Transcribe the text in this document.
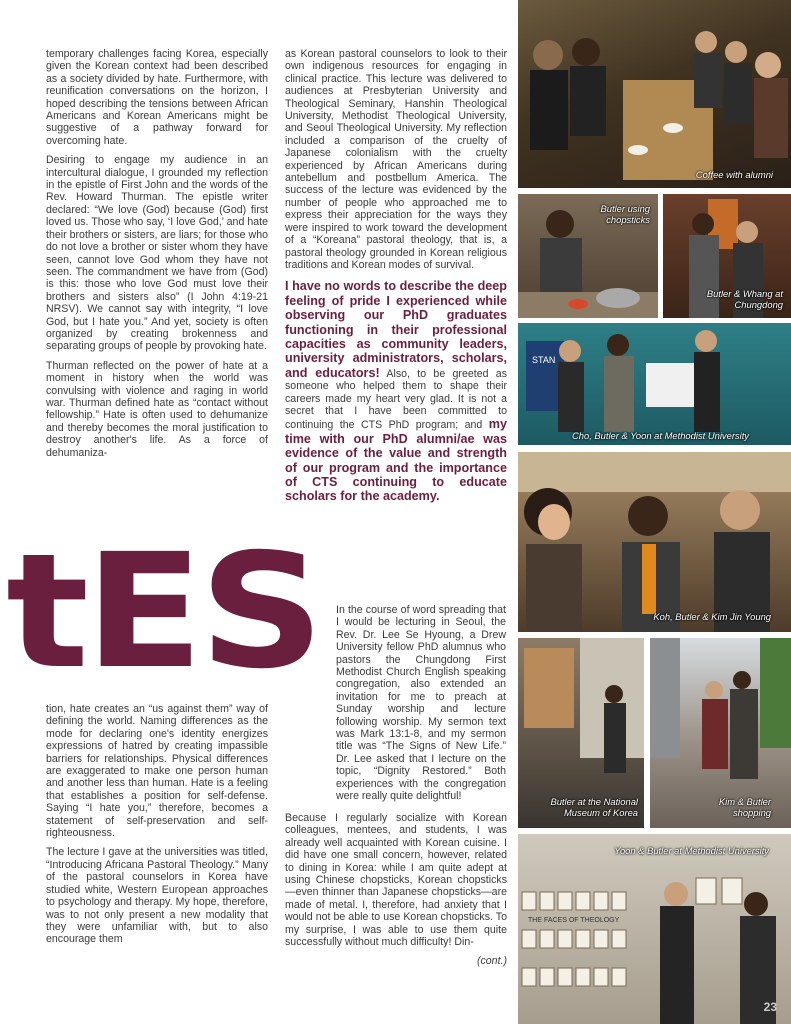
temporary challenges facing Korea, especially given the Korean context had been described as a society divided by hate. Furthermore, with reunification conversations on the horizon, I hoped describing the tensions between African Americans and Korean Americans might be suggestive of a pathway forward for overcoming hate.

Desiring to engage my audience in an intercultural dialogue, I grounded my reflection in the epistle of First John and the words of the Rev. Howard Thurman. The epistle writer declared: “We love (God) because (God) first loved us. Those who say, ‘I love God,’ and hate their brothers or sisters, are liars; for those who do not love a brother or sister whom they have seen, cannot love God whom they have not seen. The commandment we have from (God) is this: those who love God must love their brothers and sisters also” (I John 4:19-21 NRSV). We cannot say with integrity, “I love God, but I hate you.” And yet, society is often organized by creating brokenness and separating groups of people by provoking hate.

Thurman reflected on the power of hate at a moment in history when the world was convulsing with violence and raging in world war. Thurman defined hate as “contact without fellowship.” Hate is often used to dehumanize and thereby becomes the moral justification to destroy another's life. As a force of dehumaniza-

tES

tion, hate creates an “us against them” way of defining the world. Naming differences as the mode for declaring one's identity energizes expressions of hatred by creating impassible barriers for relationships. Physical differences are exaggerated to make one person human and another less than human. Hate is a feeling that establishes a position for self-defense. Saying “I hate you,” therefore, becomes a statement of self-preservation and self-righteousness.

The lecture I gave at the universities was titled, “Introducing Africana Pastoral Theology.” Many of the pastoral counselors in Korea have studied white, Western European approaches to psychology and therapy. My hope, therefore, was to not only present a new modality that they were unfamiliar with, but to also encourage them

as Korean pastoral counselors to look to their own indigenous resources for engaging in clinical practice. This lecture was delivered to audiences at Presbyterian University and Theological Seminary, Hanshin Theological University, Methodist Theological University, and Seoul Theological University. My reflection included a comparison of the cruelty of Japanese colonialism with the cruelty experienced by African Americans during antebellum and postbellum America. The success of the lecture was evidenced by the number of people who approached me to express their appreciation for the ways they were inspired to work toward the development of a “Koreana” pastoral theology, that is, a pastoral theology grounded in Korean religious traditions and Korean modes of survival.

I have no words to describe the deep feeling of pride I experienced while observing our PhD graduates functioning in their professional capacities as community leaders, university administrators, scholars, and educators! Also, to be greeted as someone who helped them to shape their careers made my heart very glad. It is not a secret that I have been committed to continuing the CTS PhD program; and my time with our PhD alumni/ae was evidence of the value and strength of our program and the importance of CTS continuing to educate scholars for the academy.

In the course of word spreading that I would be lecturing in Seoul, the Rev. Dr. Lee Se Hyoung, a Drew University fellow PhD alumnus who pastors the Chungdong First Methodist Church English speaking congregation, also extended an invitation for me to preach at Sunday worship and lecture following worship. My sermon text was Mark 13:1-8, and my sermon title was “The Signs of New Life.” Dr. Lee asked that I lecture on the topic, “Dignity Restored.” Both experiences with the congregation were really quite delightful!

Because I regularly socialize with Korean colleagues, mentees, and students, I was already well acquainted with Korean cuisine. I did have one small concern, however, related to dining in Korea: while I am quite adept at using Chinese chopsticks, Korean chopsticks—even thinner than Japanese chopsticks—are made of metal. I, therefore, had anxiety that I would not be able to use Korean chopsticks. To my surprise, I was able to use them quite successfully without much difficulty! Din-

(cont.)
Coffee with alumni
Butler using chopsticks
Butler & Whang at Chungdong
STAN
Cho, Butler & Yoon at Methodist University
Koh, Butler & Kim Jin Young
Butler at the National Museum of Korea
Kim & Butler shopping
THE FACES OF THEOLOGY
Yoon & Butler at Methodist University
23
